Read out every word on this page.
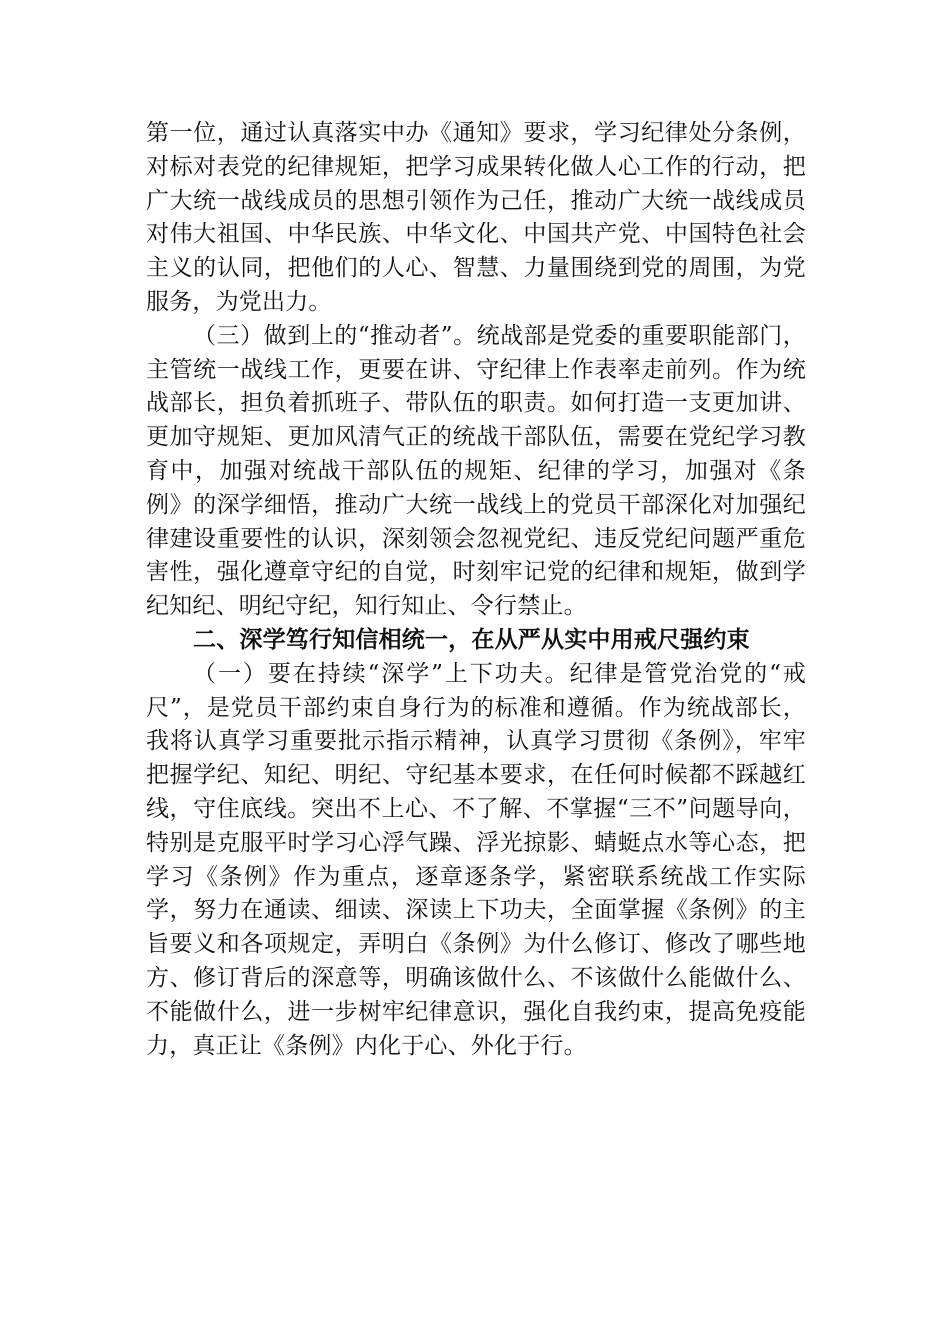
第一位，通过认真落实中办《通知》要求，学习纪律处分条例，对标对表党的纪律规矩，把学习成果转化做人心工作的行动，把广大统一战线成员的思想引领作为己任，推动广大统一战线成员对伟大祖国、中华民族、中华文化、中国共产党、中国特色社会主义的认同，把他们的人心、智慧、力量围绕到党的周围，为党服务，为党出力。

（三）做到上的“推动者”。统战部是党委的重要职能部门，主管统一战线工作，更要在讲、守纪律上作表率走前列。作为统战部长，担负着抓班子、带队伍的职责。如何打造一支更加讲、更加守规矩、更加风清气正的统战干部队伍，需要在党纪学习教育中，加强对统战干部队伍的规矩、纪律的学习，加强对《条例》的深学细悟，推动广大统一战线上的党员干部深化对加强纪律建设重要性的认识，深刻领会忽视党纪、违反党纪问题严重危害性，强化遵章守纪的自觉，时刻牢记党的纪律和规矩，做到学纪知纪、明纪守纪，知行知止、令行禁止。

二、深学笃行知信相统一，在从严从实中用戒尺强约束

（一）要在持续“深学”上下功夫。纪律是管党治党的“戒尺”，是党员干部约束自身行为的标准和遵循。作为统战部长，我将认真学习重要批示指示精神，认真学习贯彻《条例》，牢牢把握学纪、知纪、明纪、守纪基本要求，在任何时候都不踩越红线，守住底线。突出不上心、不了解、不掌握“三不”问题导向，特别是克服平时学习心浮气躁、浮光掠影、蜻蜓点水等心态，把学习《条例》作为重点，逐章逐条学，紧密联系统战工作实际学，努力在通读、细读、深读上下功夫，全面掌握《条例》的主旨要义和各项规定，弄明白《条例》为什么修订、修改了哪些地方、修订背后的深意等，明确该做什么、不该做什么能做什么、不能做什么，进一步树牢纪律意识，强化自我约束，提高免疫能力，真正让《条例》内化于心、外化于行。
